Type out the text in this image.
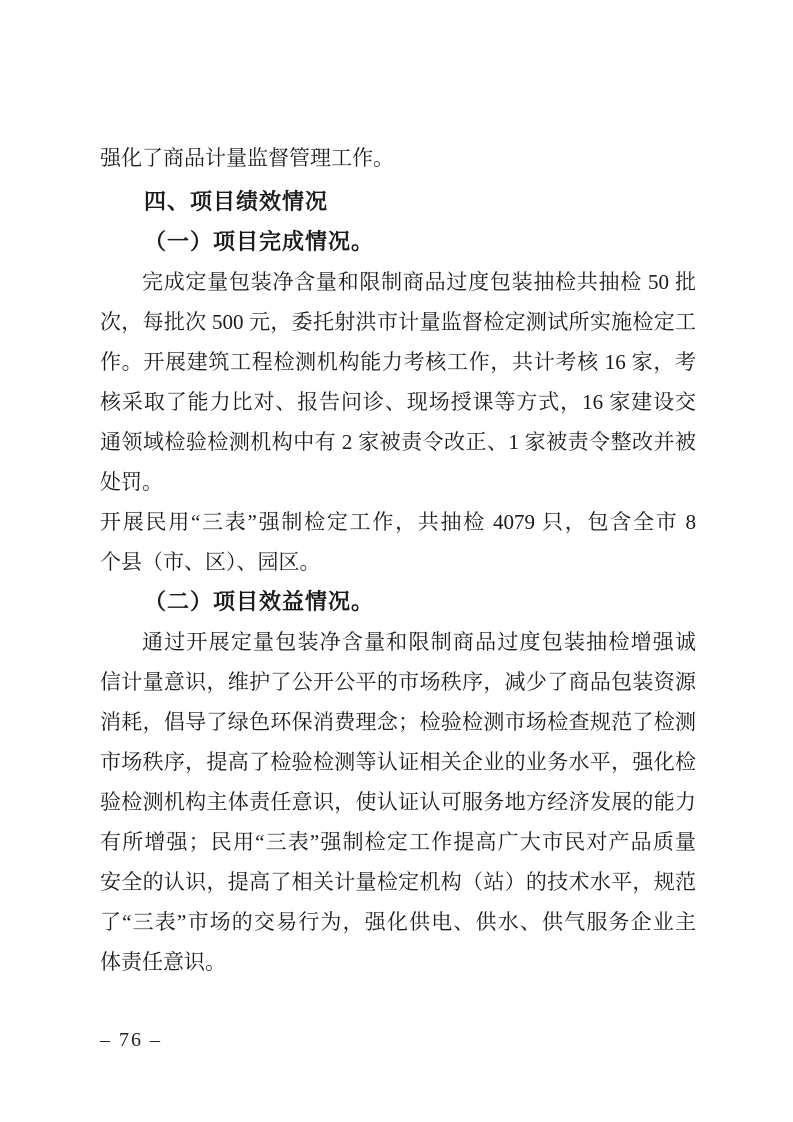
强化了商品计量监督管理工作。
四、项目绩效情况
（一）项目完成情况。
完成定量包装净含量和限制商品过度包装抽检共抽检 50 批
次，每批次 500 元，委托射洪市计量监督检定测试所实施检定工
作。开展建筑工程检测机构能力考核工作，共计考核 16 家，考
核采取了能力比对、报告问诊、现场授课等方式，16 家建设交
通领域检验检测机构中有 2 家被责令改正、1 家被责令整改并被
处罚。
开展民用“三表”强制检定工作，共抽检 4079 只，包含全市 8
个县（市、区）、园区。
（二）项目效益情况。
通过开展定量包装净含量和限制商品过度包装抽检增强诚
信计量意识，维护了公开公平的市场秩序，减少了商品包装资源
消耗，倡导了绿色环保消费理念；检验检测市场检查规范了检测
市场秩序，提高了检验检测等认证相关企业的业务水平，强化检
验检测机构主体责任意识，使认证认可服务地方经济发展的能力
有所增强；民用“三表”强制检定工作提高广大市民对产品质量
安全的认识，提高了相关计量检定机构（站）的技术水平，规范
了“三表”市场的交易行为，强化供电、供水、供气服务企业主
体责任意识。
– 76 –
